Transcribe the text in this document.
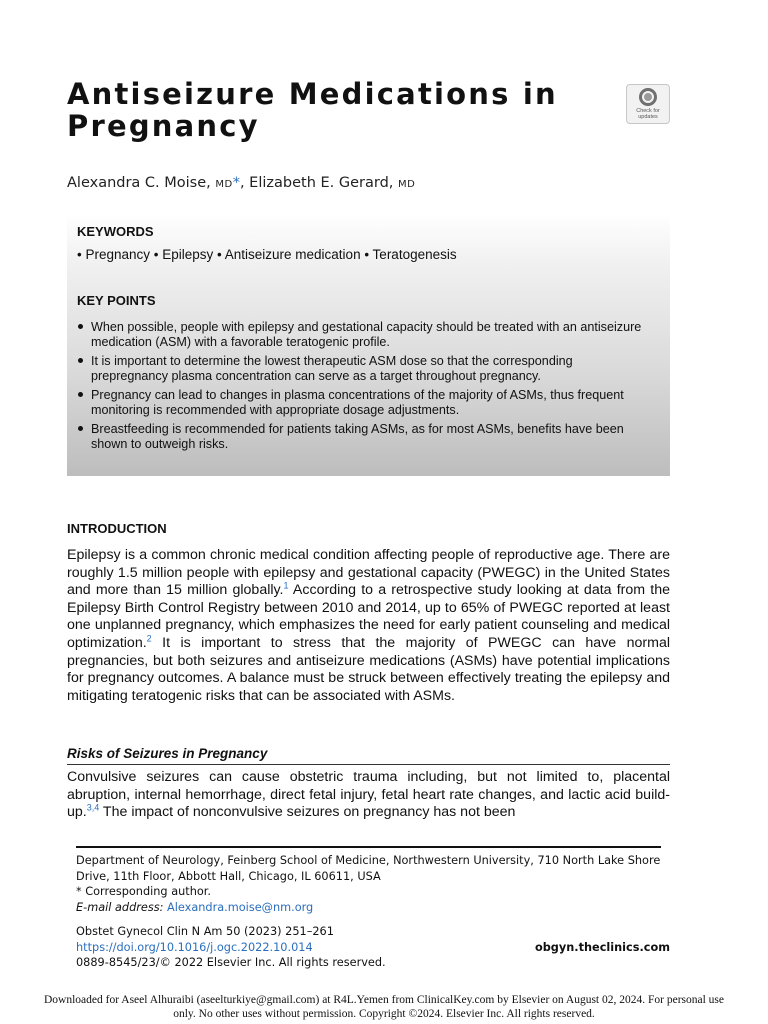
Antiseizure Medications in Pregnancy	Check for updates
Alexandra C. Moise, MD*, Elizabeth E. Gerard, MD
KEYWORDS
• Pregnancy • Epilepsy • Antiseizure medication • Teratogenesis
KEY POINTS
When possible, people with epilepsy and gestational capacity should be treated with an antiseizure medication (ASM) with a favorable teratogenic profile.
It is important to determine the lowest therapeutic ASM dose so that the corresponding prepregnancy plasma concentration can serve as a target throughout pregnancy.
Pregnancy can lead to changes in plasma concentrations of the majority of ASMs, thus frequent monitoring is recommended with appropriate dosage adjustments.
Breastfeeding is recommended for patients taking ASMs, as for most ASMs, benefits have been shown to outweigh risks.
INTRODUCTION

Epilepsy is a common chronic medical condition affecting people of reproductive age. There are roughly 1.5 million people with epilepsy and gestational capacity (PWEGC) in the United States and more than 15 million globally.$^1$ According to a retrospective study looking at data from the Epilepsy Birth Control Registry between 2010 and 2014, up to 65% of PWEGC reported at least one unplanned pregnancy, which emphasizes the need for early patient counseling and medical optimization.$^2$ It is important to stress that the majority of PWEGC can have normal pregnancies, but both seizures and antiseizure medications (ASMs) have potential implications for pregnancy outcomes. A balance must be struck between effectively treating the epilepsy and mitigating teratogenic risks that can be associated with ASMs.

Risks of Seizures in Pregnancy

Convulsive seizures can cause obstetric trauma including, but not limited to, placental abruption, internal hemorrhage, direct fetal injury, fetal heart rate changes, and lactic acid build-up.$^{3,4}$ The impact of nonconvulsive seizures on pregnancy has not been

Department of Neurology, Feinberg School of Medicine, Northwestern University, 710 North Lake Shore Drive, 11th Floor, Abbott Hall, Chicago, IL 60611, USA
* Corresponding author.
E-mail address: Alexandra.moise@nm.org
Obstet Gynecol Clin N Am 50 (2023) 251–261
https://doi.org/10.1016/j.ogc.2022.10.014
0889-8545/23/© 2022 Elsevier Inc. All rights reserved.
obgyn.theclinics.com
Downloaded for Aseel Alhuraibi (aseelturkiye@gmail.com) at R4L.Yemen from ClinicalKey.com by Elsevier on August 02, 2024. For personal use only. No other uses without permission. Copyright ©2024. Elsevier Inc. All rights reserved.
